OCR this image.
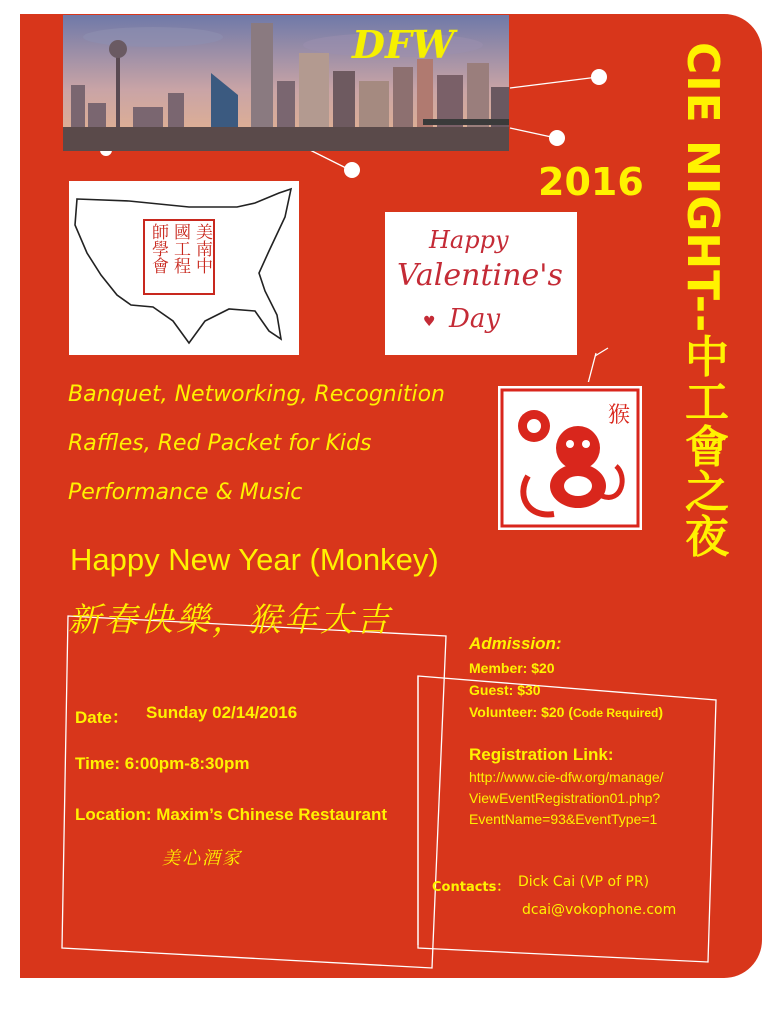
DFW	CIE NIGHT--中工會之夜
2016
美南中國工程師學會	Happy
Valentine's
Day
♥
猴
Banquet, Networking, Recognition
Raffles, Red Packet for Kids
Performance & Music
Happy New Year (Monkey)
新春快樂，猴年大吉
Date： Sunday 02/14/2016
Time: 6:00pm-8:30pm
Location: Maxim’s Chinese Restaurant
美心酒家
Admission:
Member: $20
Guest: $30
Volunteer: $20 (Code Required)
Registration Link:
http://www.cie-dfw.org/manage/
ViewEventRegistration01.php?
EventName=93&EventType=1
Contacts： Dick Cai (VP of PR)
dcai@vokophone.com
